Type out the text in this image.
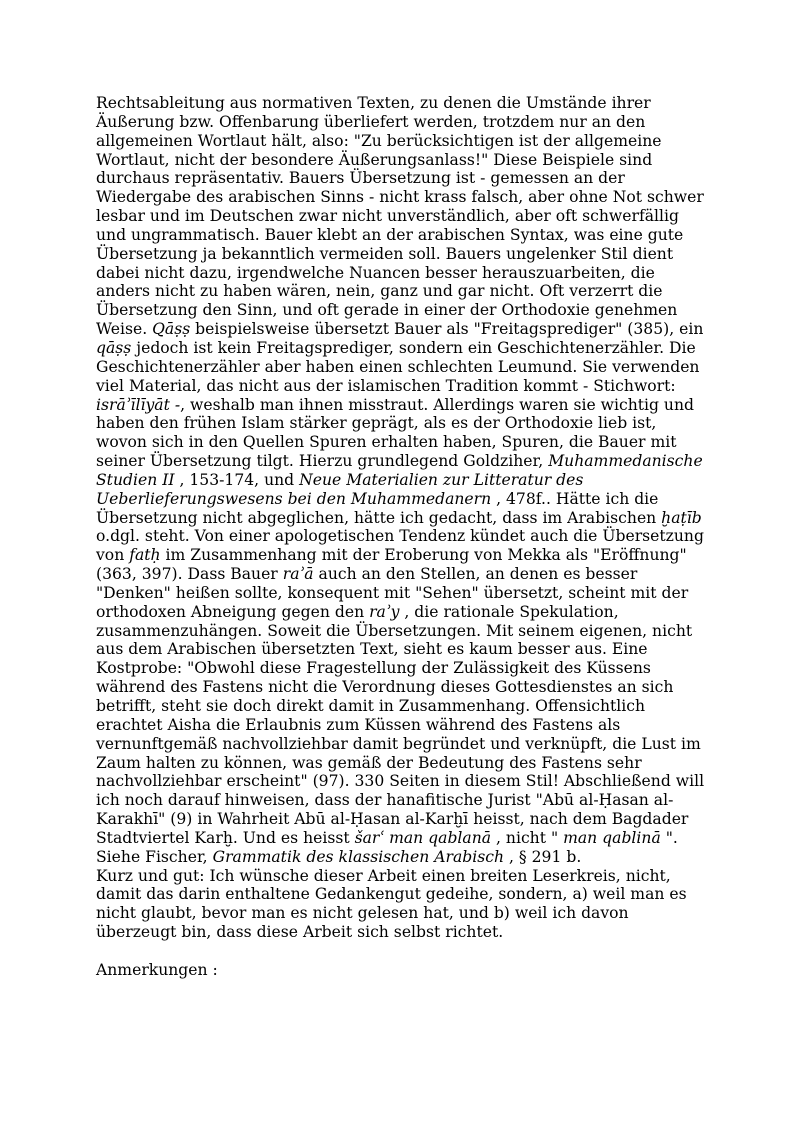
Rechtsableitung aus normativen Texten, zu denen die Umstände ihrer Äußerung bzw. Offenbarung überliefert werden, trotzdem nur an den allgemeinen Wortlaut hält, also: "Zu berücksichtigen ist der allgemeine Wortlaut, nicht der besondere Äußerungsanlass!" Diese Beispiele sind durchaus repräsentativ. Bauers Übersetzung ist - gemessen an der Wiedergabe des arabischen Sinns - nicht krass falsch, aber ohne Not schwer lesbar und im Deutschen zwar nicht unverständlich, aber oft schwerfällig und ungrammatisch. Bauer klebt an der arabischen Syntax, was eine gute Übersetzung ja bekanntlich vermeiden soll. Bauers ungelenker Stil dient dabei nicht dazu, irgendwelche Nuancen besser herauszuarbeiten, die anders nicht zu haben wären, nein, ganz und gar nicht. Oft verzerrt die Übersetzung den Sinn, und oft gerade in einer der Orthodoxie genehmen Weise. Qāṣṣ beispielsweise übersetzt Bauer als "Freitagsprediger" (385), ein qāṣṣ jedoch ist kein Freitagsprediger, sondern ein Geschichtenerzähler. Die Geschichtenerzähler aber haben einen schlechten Leumund. Sie verwenden viel Material, das nicht aus der islamischen Tradition kommt - Stichwort: isrāʾīlīyāt -, weshalb man ihnen misstraut. Allerdings waren sie wichtig und haben den frühen Islam stärker geprägt, als es der Orthodoxie lieb ist, wovon sich in den Quellen Spuren erhalten haben, Spuren, die Bauer mit seiner Übersetzung tilgt. Hierzu grundlegend Goldziher, Muhammedanische Studien II , 153-174, und Neue Materialien zur Litteratur des Ueberlieferungswesens bei den Muhammedanern , 478f.. Hätte ich die Übersetzung nicht abgeglichen, hätte ich gedacht, dass im Arabischen ḫaṭīb o.dgl. steht. Von einer apologetischen Tendenz kündet auch die Übersetzung von fatḥ im Zusammenhang mit der Eroberung von Mekka als "Eröffnung" (363, 397). Dass Bauer raʾā auch an den Stellen, an denen es besser "Denken" heißen sollte, konsequent mit "Sehen" übersetzt, scheint mit der orthodoxen Abneigung gegen den raʾy , die rationale Spekulation, zusammenzuhängen. Soweit die Übersetzungen. Mit seinem eigenen, nicht aus dem Arabischen übersetzten Text, sieht es kaum besser aus. Eine Kostprobe: "Obwohl diese Fragestellung der Zulässigkeit des Küssens während des Fastens nicht die Verordnung dieses Gottesdienstes an sich betrifft, steht sie doch direkt damit in Zusammenhang. Offensichtlich erachtet Aisha die Erlaubnis zum Küssen während des Fastens als vernunftgemäß nachvollziehbar damit begründet und verknüpft, die Lust im Zaum halten zu können, was gemäß der Bedeutung des Fastens sehr nachvollziehbar erscheint" (97). 330 Seiten in diesem Stil! Abschließend will ich noch darauf hinweisen, dass der hanafitische Jurist "Abū al-Ḥasan al-Karakhī" (9) in Wahrheit Abū al-Ḥasan al-Karḫī heisst, nach dem Bagdader Stadtviertel Karḫ. Und es heisst šarʿ man qablanā , nicht " man qablinā ". Siehe Fischer, Grammatik des klassischen Arabisch , § 291 b.

Kurz und gut: Ich wünsche dieser Arbeit einen breiten Leserkreis, nicht, damit das darin enthaltene Gedankengut gedeihe, sondern, a) weil man es nicht glaubt, bevor man es nicht gelesen hat, und b) weil ich davon überzeugt bin, dass diese Arbeit sich selbst richtet.

Anmerkungen :
